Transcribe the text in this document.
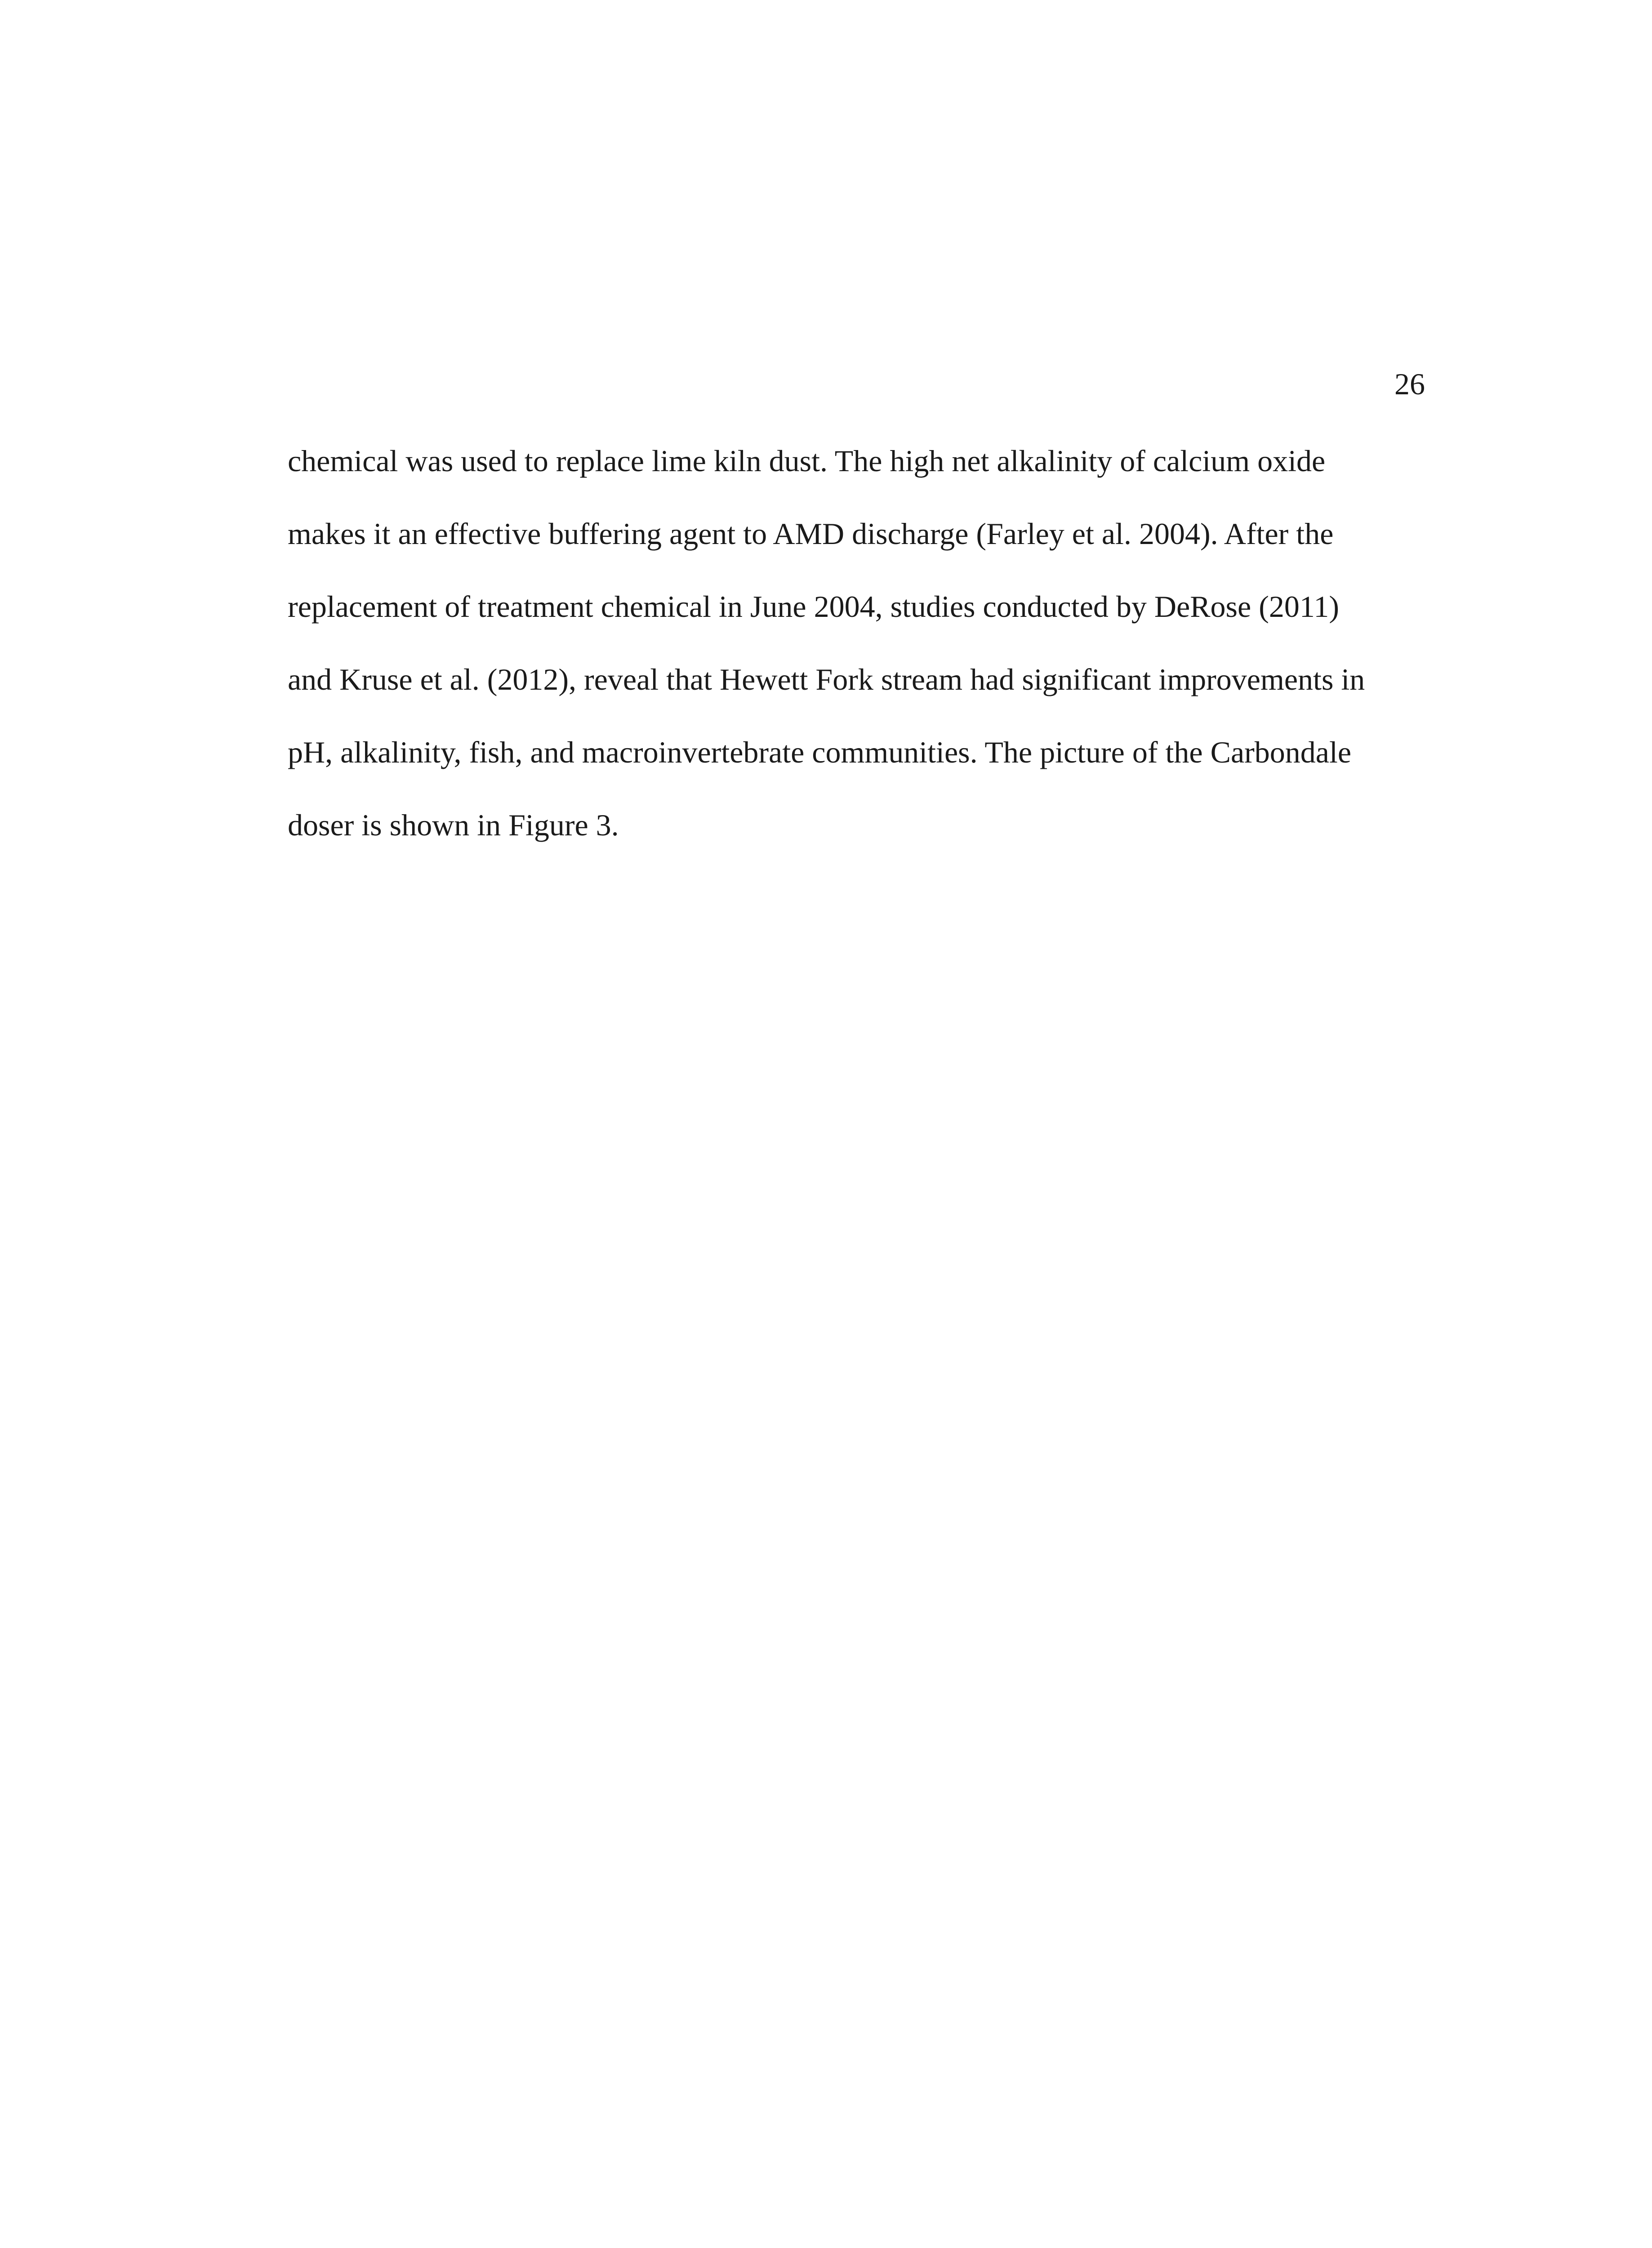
26
chemical was used to replace lime kiln dust. The high net alkalinity of calcium oxide
makes it an effective buffering agent to AMD discharge (Farley et al. 2004). After the
replacement of treatment chemical in June 2004, studies conducted by DeRose (2011)
and Kruse et al. (2012), reveal that Hewett Fork stream had significant improvements in
pH, alkalinity, fish, and macroinvertebrate communities. The picture of the Carbondale
doser is shown in Figure 3.
